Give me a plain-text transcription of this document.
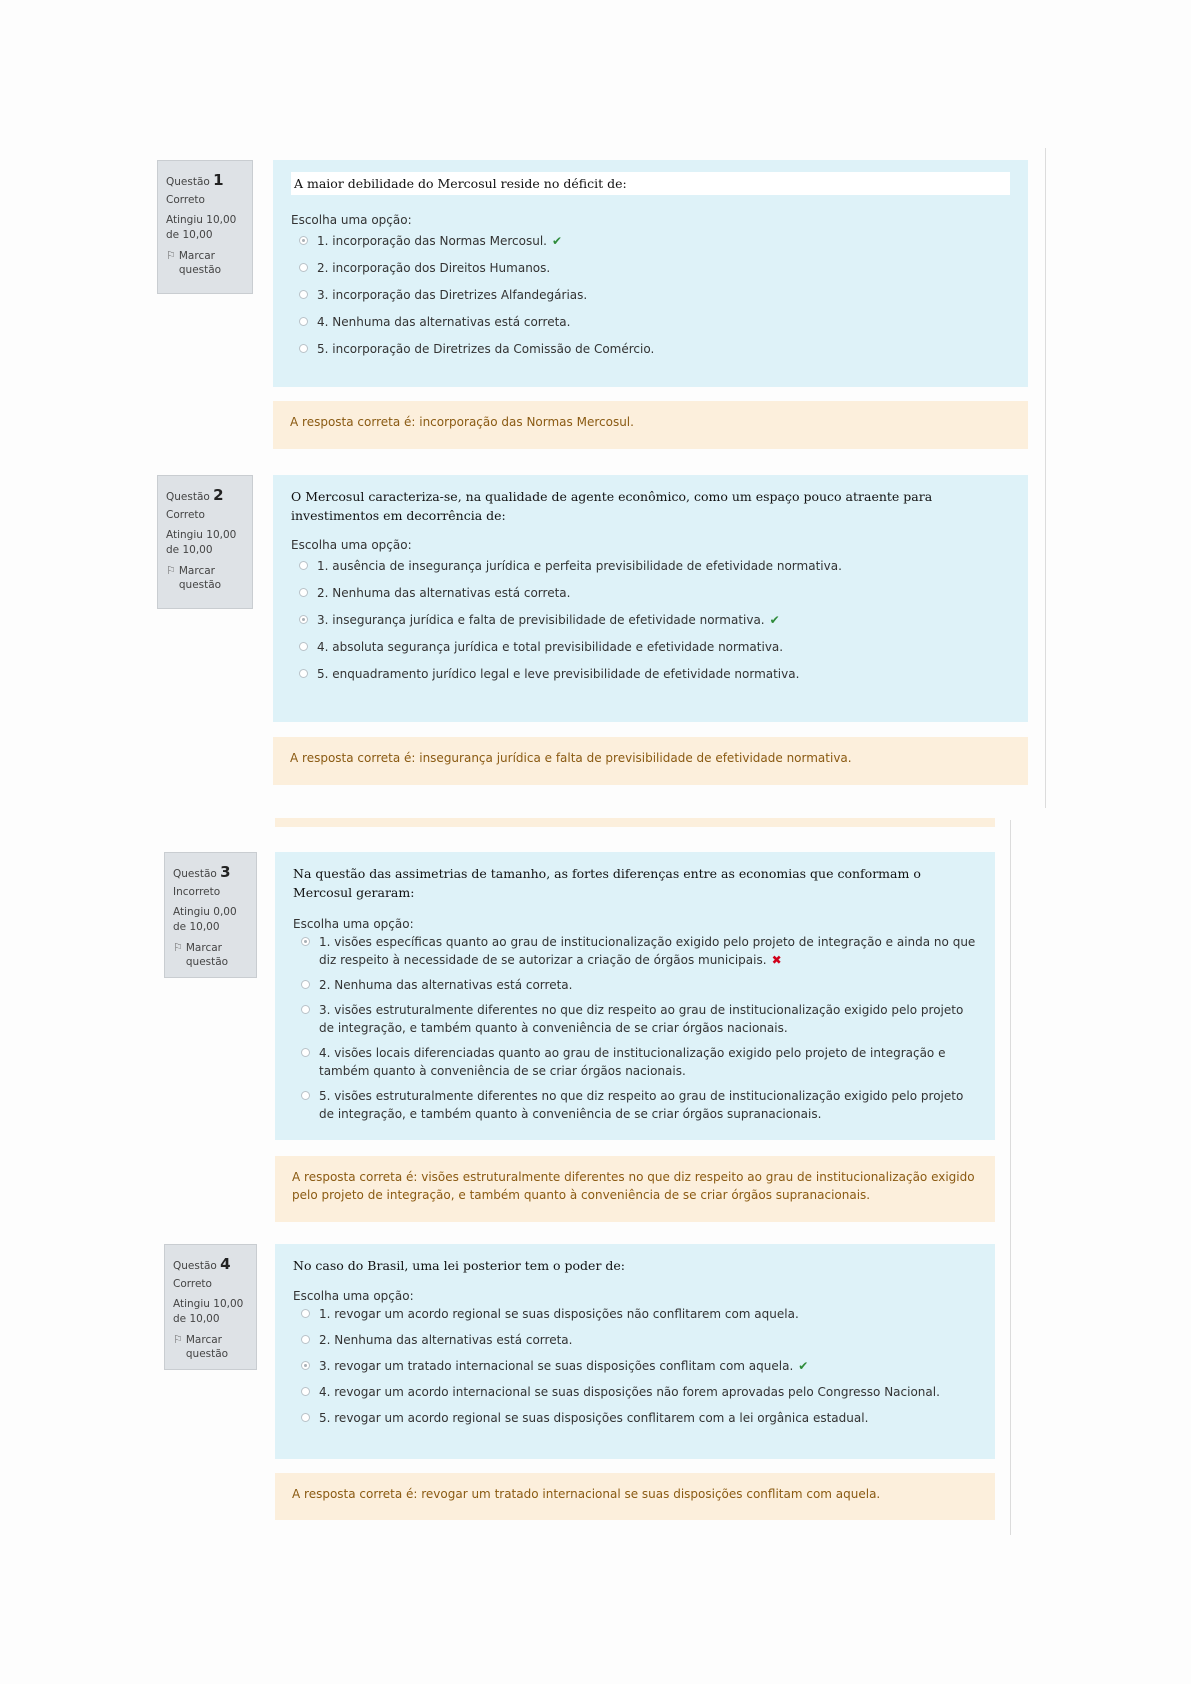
Questão 1
Correto
Atingiu 10,00 de 10,00
⚐ Marcar questão
A maior debilidade do Mercosul reside no déficit de:
Escolha uma opção:
1. incorporação das Normas Mercosul. ✔
2. incorporação dos Direitos Humanos.
3. incorporação das Diretrizes Alfandegárias.
4. Nenhuma das alternativas está correta.
5. incorporação de Diretrizes da Comissão de Comércio.
A resposta correta é: incorporação das Normas Mercosul.
Questão 2
Correto
Atingiu 10,00 de 10,00
⚐ Marcar questão
O Mercosul caracteriza-se, na qualidade de agente econômico, como um espaço pouco atraente para investimentos em decorrência de:
Escolha uma opção:
1. ausência de insegurança jurídica e perfeita previsibilidade de efetividade normativa.
2. Nenhuma das alternativas está correta.
3. insegurança jurídica e falta de previsibilidade de efetividade normativa. ✔
4. absoluta segurança jurídica e total previsibilidade e efetividade normativa.
5. enquadramento jurídico legal e leve previsibilidade de efetividade normativa.
A resposta correta é: insegurança jurídica e falta de previsibilidade de efetividade normativa.
Questão 3
Incorreto
Atingiu 0,00 de 10,00
⚐ Marcar questão
Na questão das assimetrias de tamanho, as fortes diferenças entre as economias que conformam o Mercosul geraram:
Escolha uma opção:
1. visões específicas quanto ao grau de institucionalização exigido pelo projeto de integração e ainda no que diz respeito à necessidade de se autorizar a criação de órgãos municipais. ✖
2. Nenhuma das alternativas está correta.
3. visões estruturalmente diferentes no que diz respeito ao grau de institucionalização exigido pelo projeto de integração, e também quanto à conveniência de se criar órgãos nacionais.
4. visões locais diferenciadas quanto ao grau de institucionalização exigido pelo projeto de integração e também quanto à conveniência de se criar órgãos nacionais.
5. visões estruturalmente diferentes no que diz respeito ao grau de institucionalização exigido pelo projeto de integração, e também quanto à conveniência de se criar órgãos supranacionais.
A resposta correta é: visões estruturalmente diferentes no que diz respeito ao grau de institucionalização exigido pelo projeto de integração, e também quanto à conveniência de se criar órgãos supranacionais.
Questão 4
Correto
Atingiu 10,00 de 10,00
⚐ Marcar questão
No caso do Brasil, uma lei posterior tem o poder de:
Escolha uma opção:
1. revogar um acordo regional se suas disposições não conflitarem com aquela.
2. Nenhuma das alternativas está correta.
3. revogar um tratado internacional se suas disposições conflitam com aquela. ✔
4. revogar um acordo internacional se suas disposições não forem aprovadas pelo Congresso Nacional.
5. revogar um acordo regional se suas disposições conflitarem com a lei orgânica estadual.
A resposta correta é: revogar um tratado internacional se suas disposições conflitam com aquela.
